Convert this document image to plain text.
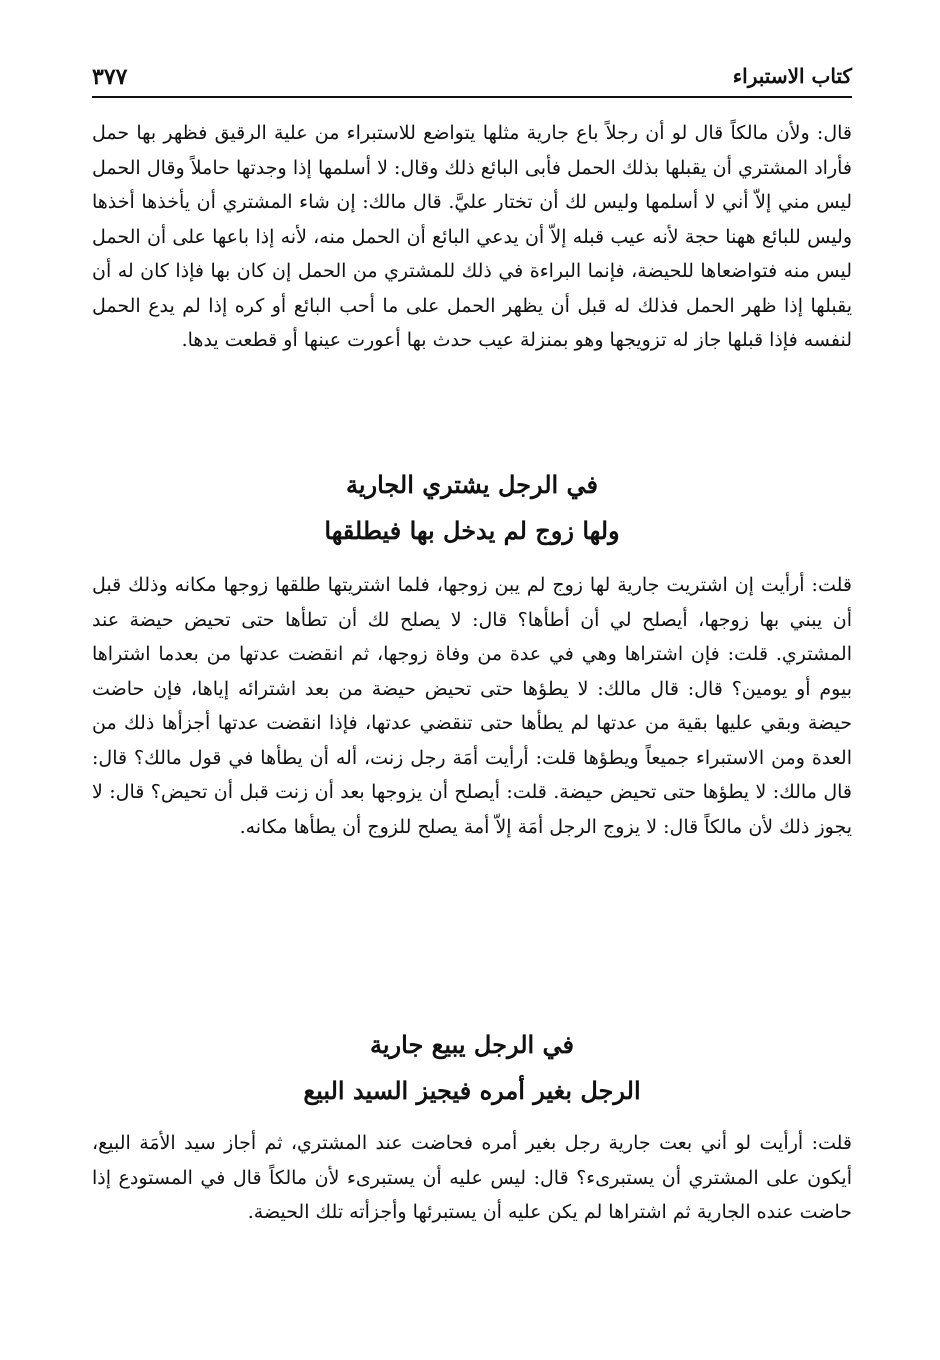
كتاب الاستبراء
٣٧٧

قال: ولأن مالكاً قال لو أن رجلاً باع جارية مثلها يتواضع للاستبراء من علية الرقيق فظهر بها حمل فأراد المشتري أن يقبلها بذلك الحمل فأبى البائع ذلك وقال: لا أسلمها إذا وجدتها حاملاً وقال الحمل ليس مني إلاّ أني لا أسلمها وليس لك أن تختار عليَّ. قال مالك: إن شاء المشتري أن يأخذها أخذها وليس للبائع ههنا حجة لأنه عيب قبله إلاّ أن يدعي البائع أن الحمل منه، لأنه إذا باعها على أن الحمل ليس منه فتواضعاها للحيضة، فإنما البراءة في ذلك للمشتري من الحمل إن كان بها فإذا كان له أن يقبلها إذا ظهر الحمل فذلك له قبل أن يظهر الحمل على ما أحب البائع أو كره إذا لم يدع الحمل لنفسه فإذا قبلها جاز له تزويجها وهو بمنزلة عيب حدث بها أعورت عينها أو قطعت يدها.

في الرجل يشتري الجارية
ولها زوج لم يدخل بها فيطلقها

قلت: أرأيت إن اشتريت جارية لها زوج لم يبن زوجها، فلما اشتريتها طلقها زوجها مكانه وذلك قبل أن يبني بها زوجها، أيصلح لي أن أطأها؟ قال: لا يصلح لك أن تطأها حتى تحيض حيضة عند المشتري. قلت: فإن اشتراها وهي في عدة من وفاة زوجها، ثم انقضت عدتها من بعدما اشتراها بيوم أو يومين؟ قال: قال مالك: لا يطؤها حتى تحيض حيضة من بعد اشترائه إياها، فإن حاضت حيضة وبقي عليها بقية من عدتها لم يطأها حتى تنقضي عدتها، فإذا انقضت عدتها أجزأها ذلك من العدة ومن الاستبراء جميعاً ويطؤها قلت: أرأيت أمَة رجل زنت، أله أن يطأها في قول مالك؟ قال: قال مالك: لا يطؤها حتى تحيض حيضة. قلت: أيصلح أن يزوجها بعد أن زنت قبل أن تحيض؟ قال: لا يجوز ذلك لأن مالكاً قال: لا يزوج الرجل أمَة إلاّ أمة يصلح للزوج أن يطأها مكانه.

في الرجل يبيع جارية
الرجل بغير أمره فيجيز السيد البيع

قلت: أرأيت لو أني بعت جارية رجل بغير أمره فحاضت عند المشتري، ثم أجاز سيد الأمَة البيع، أيكون على المشتري أن يستبرىء؟ قال: ليس عليه أن يستبرىء لأن مالكاً قال في المستودع إذا حاضت عنده الجارية ثم اشتراها لم يكن عليه أن يستبرئها وأجزأته تلك الحيضة.
